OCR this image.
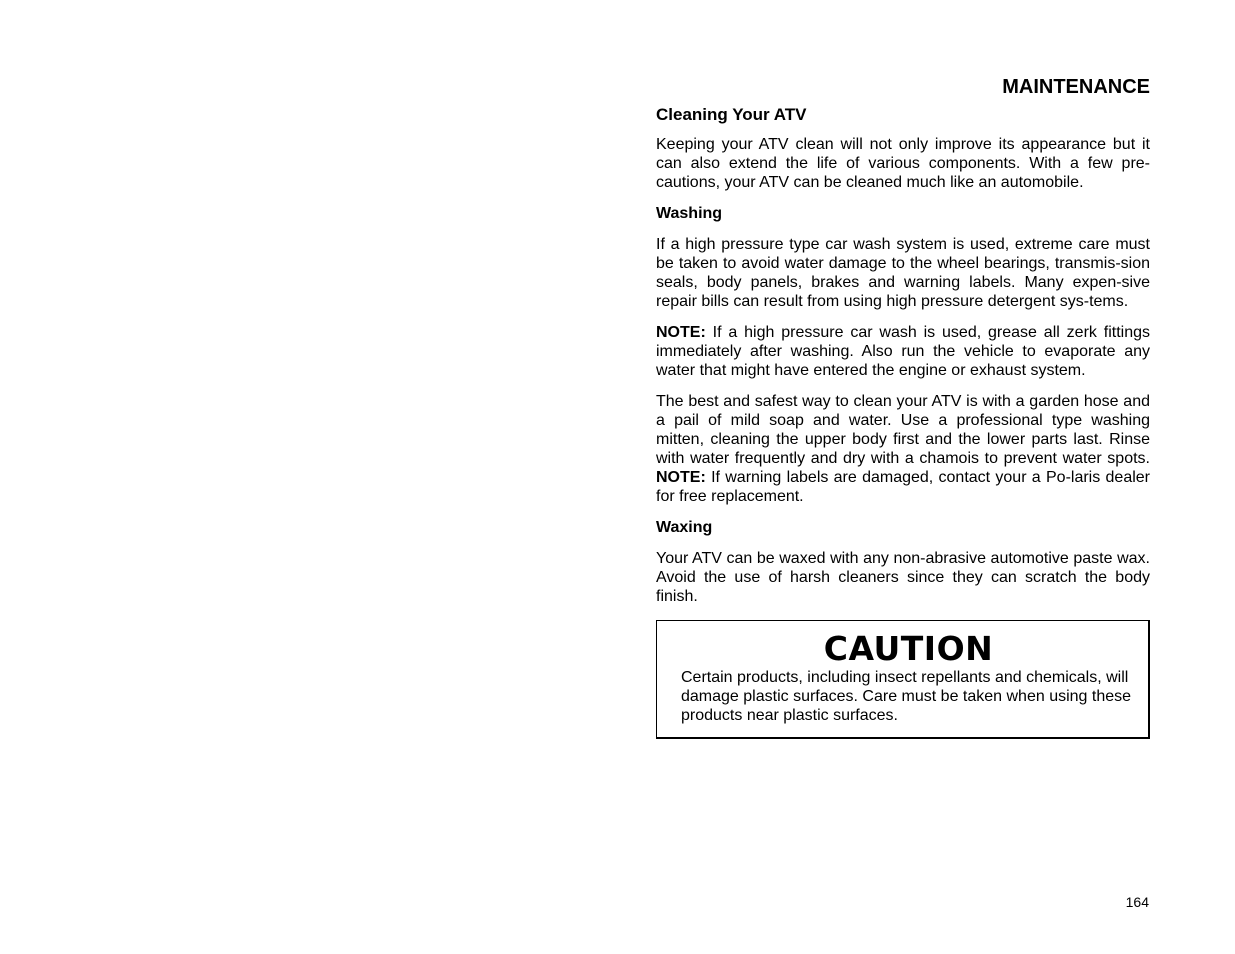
MAINTENANCE
Cleaning Your ATV

Keeping your ATV clean will not only improve its appearance but it can also extend the life of various components. With a few pre-cautions, your ATV can be cleaned much like an automobile.

Washing

If a high pressure type car wash system is used, extreme care must be taken to avoid water damage to the wheel bearings, transmis-sion seals, body panels, brakes and warning labels. Many expen-sive repair bills can result from using high pressure detergent sys-tems.

NOTE: If a high pressure car wash is used, grease all zerk fittings immediately after washing. Also run the vehicle to evaporate any water that might have entered the engine or exhaust system.

The best and safest way to clean your ATV is with a garden hose and a pail of mild soap and water. Use a professional type washing mitten, cleaning the upper body first and the lower parts last. Rinse with water frequently and dry with a chamois to prevent water spots. NOTE: If warning labels are damaged, contact your a Po-laris dealer for free replacement.

Waxing

Your ATV can be waxed with any non-abrasive automotive paste wax. Avoid the use of harsh cleaners since they can scratch the body finish.

CAUTION

Certain products, including insect repellants and chemicals, will damage plastic surfaces. Care must be taken when using these products near plastic surfaces.

164
